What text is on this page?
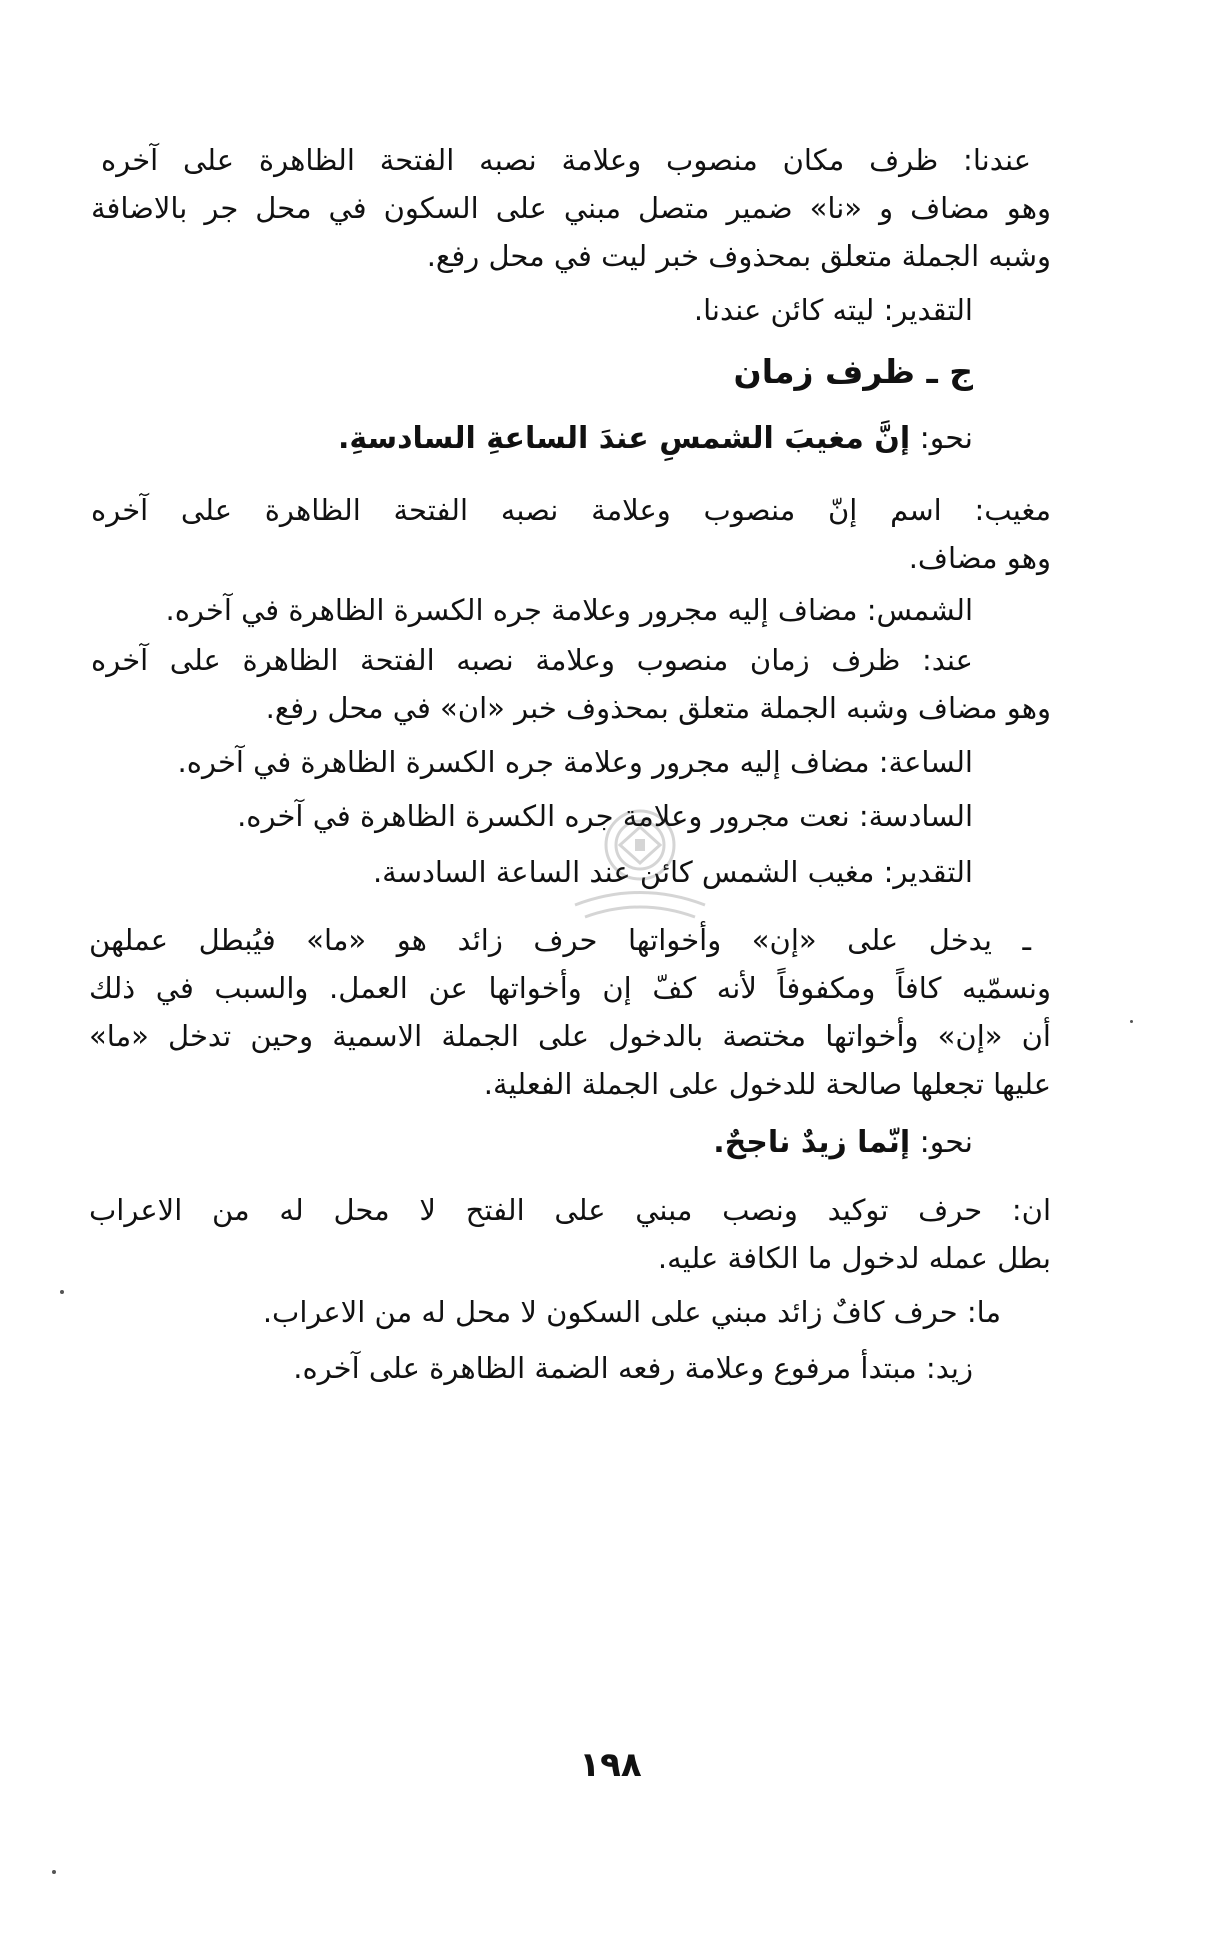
عندنا: ظرف مكان منصوب وعلامة نصبه الفتحة الظاهرة على آخره
وهو مضاف و «نا» ضمير متصل مبني على السكون في محل جر بالاضافة
وشبه الجملة متعلق بمحذوف خبر ليت في محل رفع.
التقدير: ليته كائن عندنا.
ج ـ ظرف زمان
نحو: إنَّ مغيبَ الشمسِ عندَ الساعةِ السادسةِ.
مغيب: اسم إنّ منصوب وعلامة نصبه الفتحة الظاهرة على آخره
وهو مضاف.
الشمس: مضاف إليه مجرور وعلامة جره الكسرة الظاهرة في آخره.
عند: ظرف زمان منصوب وعلامة نصبه الفتحة الظاهرة على آخره
وهو مضاف وشبه الجملة متعلق بمحذوف خبر «ان» في محل رفع.
الساعة: مضاف إليه مجرور وعلامة جره الكسرة الظاهرة في آخره.
السادسة: نعت مجرور وعلامة جره الكسرة الظاهرة في آخره.
التقدير: مغيب الشمس كائن عند الساعة السادسة.
ـ يدخل على «إن» وأخواتها حرف زائد هو «ما» فيُبطل عملهن
ونسمّيه كافاً ومكفوفاً لأنه كفّ إن وأخواتها عن العمل. والسبب في ذلك
أن «إن» وأخواتها مختصة بالدخول على الجملة الاسمية وحين تدخل «ما»
عليها تجعلها صالحة للدخول على الجملة الفعلية.
نحو: إنّما زيدٌ ناجحٌ.
ان: حرف توكيد ونصب مبني على الفتح لا محل له من الاعراب
بطل عمله لدخول ما الكافة عليه.
ما: حرف كافٌ زائد مبني على السكون لا محل له من الاعراب.
زيد: مبتدأ مرفوع وعلامة رفعه الضمة الظاهرة على آخره.
١٩٨
